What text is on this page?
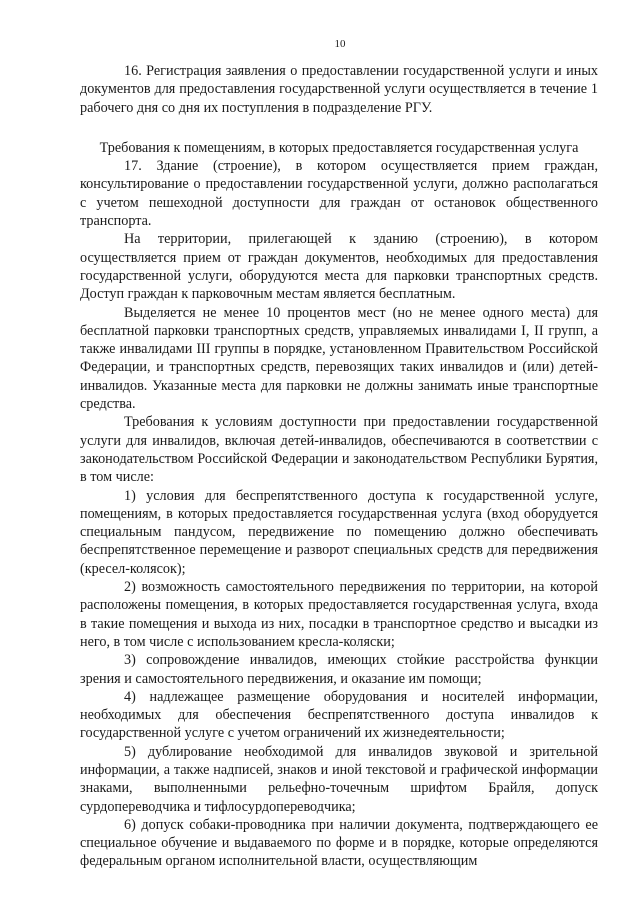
10

16. Регистрация заявления о предоставлении государственной услуги и иных документов для предоставления государственной услуги осуществляется в течение 1 рабочего дня со дня их поступления в подразделение РГУ.

Требования к помещениям, в которых предоставляется государственная услуга

17. Здание (строение), в котором осуществляется прием граждан, консультирование о предоставлении государственной услуги, должно располагаться с учетом пешеходной доступности для граждан от остановок общественного транспорта.

На территории, прилегающей к зданию (строению), в котором осуществляется прием от граждан документов, необходимых для предоставления государственной услуги, оборудуются места для парковки транспортных средств. Доступ граждан к парковочным местам является бесплатным.

Выделяется не менее 10 процентов мест (но не менее одного места) для бесплатной парковки транспортных средств, управляемых инвалидами I, II групп, а также инвалидами III группы в порядке, установленном Правительством Российской Федерации, и транспортных средств, перевозящих таких инвалидов и (или) детей-инвалидов. Указанные места для парковки не должны занимать иные транспортные средства.

Требования к условиям доступности при предоставлении государственной услуги для инвалидов, включая детей-инвалидов, обеспечиваются в соответствии с законодательством Российской Федерации и законодательством Республики Бурятия, в том числе:

1) условия для беспрепятственного доступа к государственной услуге, помещениям, в которых предоставляется государственная услуга (вход оборудуется специальным пандусом, передвижение по помещению должно обеспечивать беспрепятственное перемещение и разворот специальных средств для передвижения (кресел-колясок);

2) возможность самостоятельного передвижения по территории, на которой расположены помещения, в которых предоставляется государственная услуга, входа в такие помещения и выхода из них, посадки в транспортное средство и высадки из него, в том числе с использованием кресла-коляски;

3) сопровождение инвалидов, имеющих стойкие расстройства функции зрения и самостоятельного передвижения, и оказание им помощи;

4) надлежащее размещение оборудования и носителей информации, необходимых для обеспечения беспрепятственного доступа инвалидов к государственной услуге с учетом ограничений их жизнедеятельности;

5) дублирование необходимой для инвалидов звуковой и зрительной информации, а также надписей, знаков и иной текстовой и графической информации знаками, выполненными рельефно-точечным шрифтом Брайля, допуск сурдопереводчика и тифлосурдопереводчика;

6) допуск собаки-проводника при наличии документа, подтверждающего ее специальное обучение и выдаваемого по форме и в порядке, которые определяются федеральным органом исполнительной власти, осуществляющим
